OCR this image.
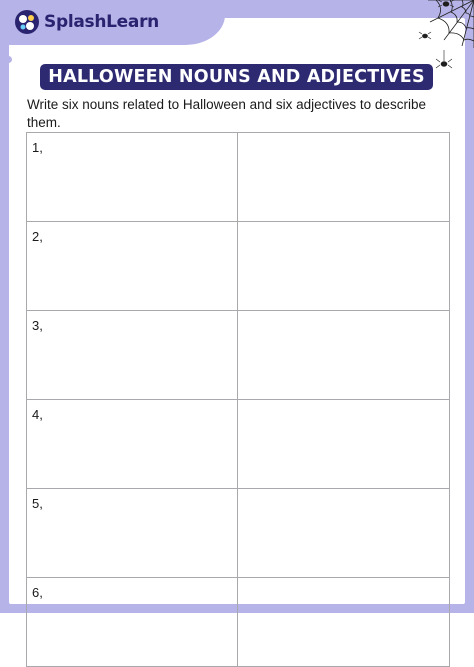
SplashLearn
HALLOWEEN NOUNS AND ADJECTIVES
Write six nouns related to Halloween and six adjectives to describe them.
1,	
2,	
3,	
4,	
5,	
6,	
